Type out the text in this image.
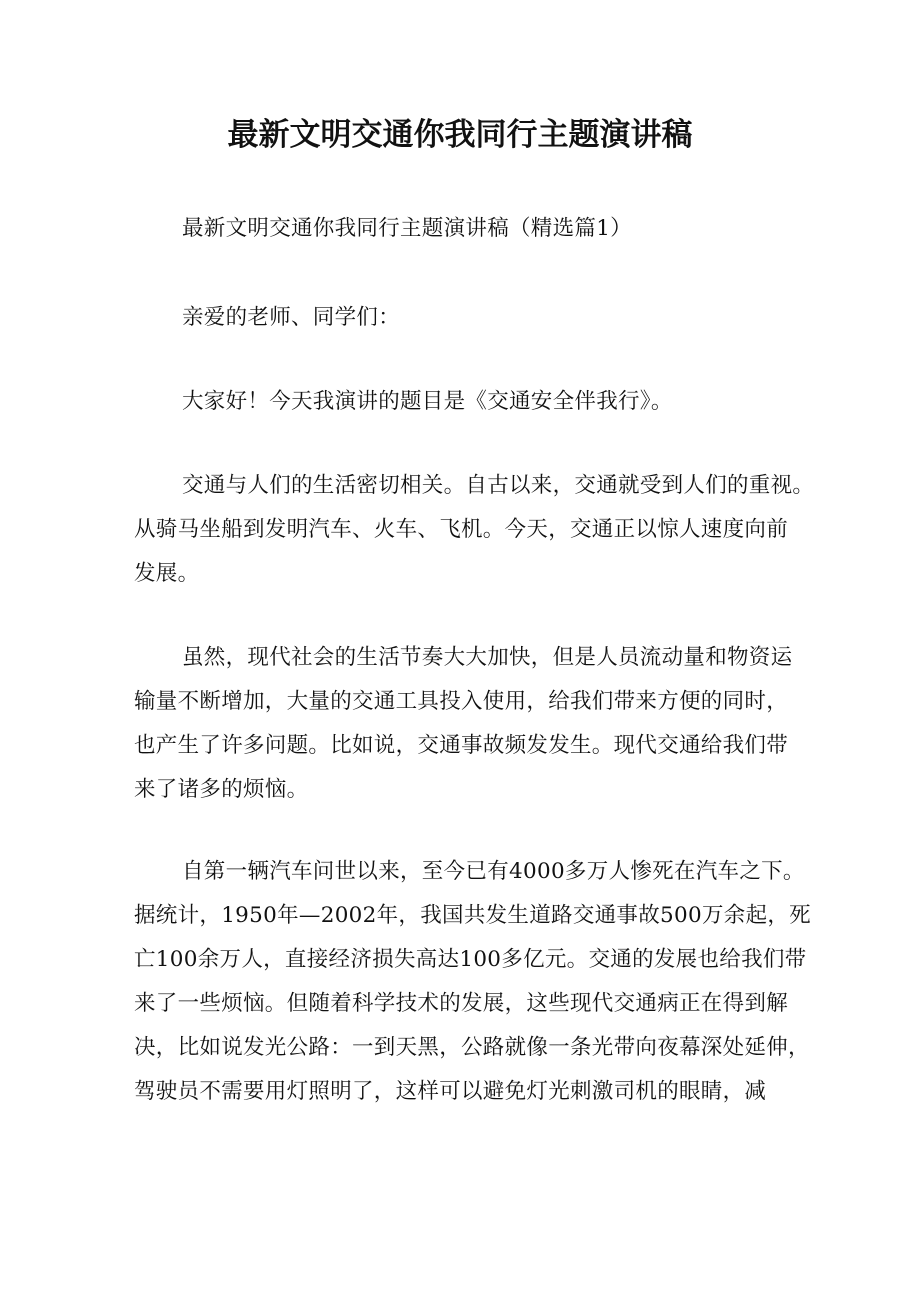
最新文明交通你我同行主题演讲稿

最新文明交通你我同行主题演讲稿（精选篇1）

亲爱的老师、同学们：

大家好！今天我演讲的题目是《交通安全伴我行》。

交通与人们的生活密切相关。自古以来，交通就受到人们的重视。

从骑马坐船到发明汽车、火车、飞机。今天，交通正以惊人速度向前

发展。

虽然，现代社会的生活节奏大大加快，但是人员流动量和物资运

输量不断增加，大量的交通工具投入使用，给我们带来方便的同时，

也产生了许多问题。比如说，交通事故频发发生。现代交通给我们带

来了诸多的烦恼。

自第一辆汽车问世以来，至今已有4000多万人惨死在汽车之下。

据统计，1950年—2002年，我国共发生道路交通事故500万余起，死

亡100余万人，直接经济损失高达100多亿元。交通的发展也给我们带

来了一些烦恼。但随着科学技术的发展，这些现代交通病正在得到解

决，比如说发光公路：一到天黑，公路就像一条光带向夜幕深处延伸，

驾驶员不需要用灯照明了，这样可以避免灯光刺激司机的眼睛，减
